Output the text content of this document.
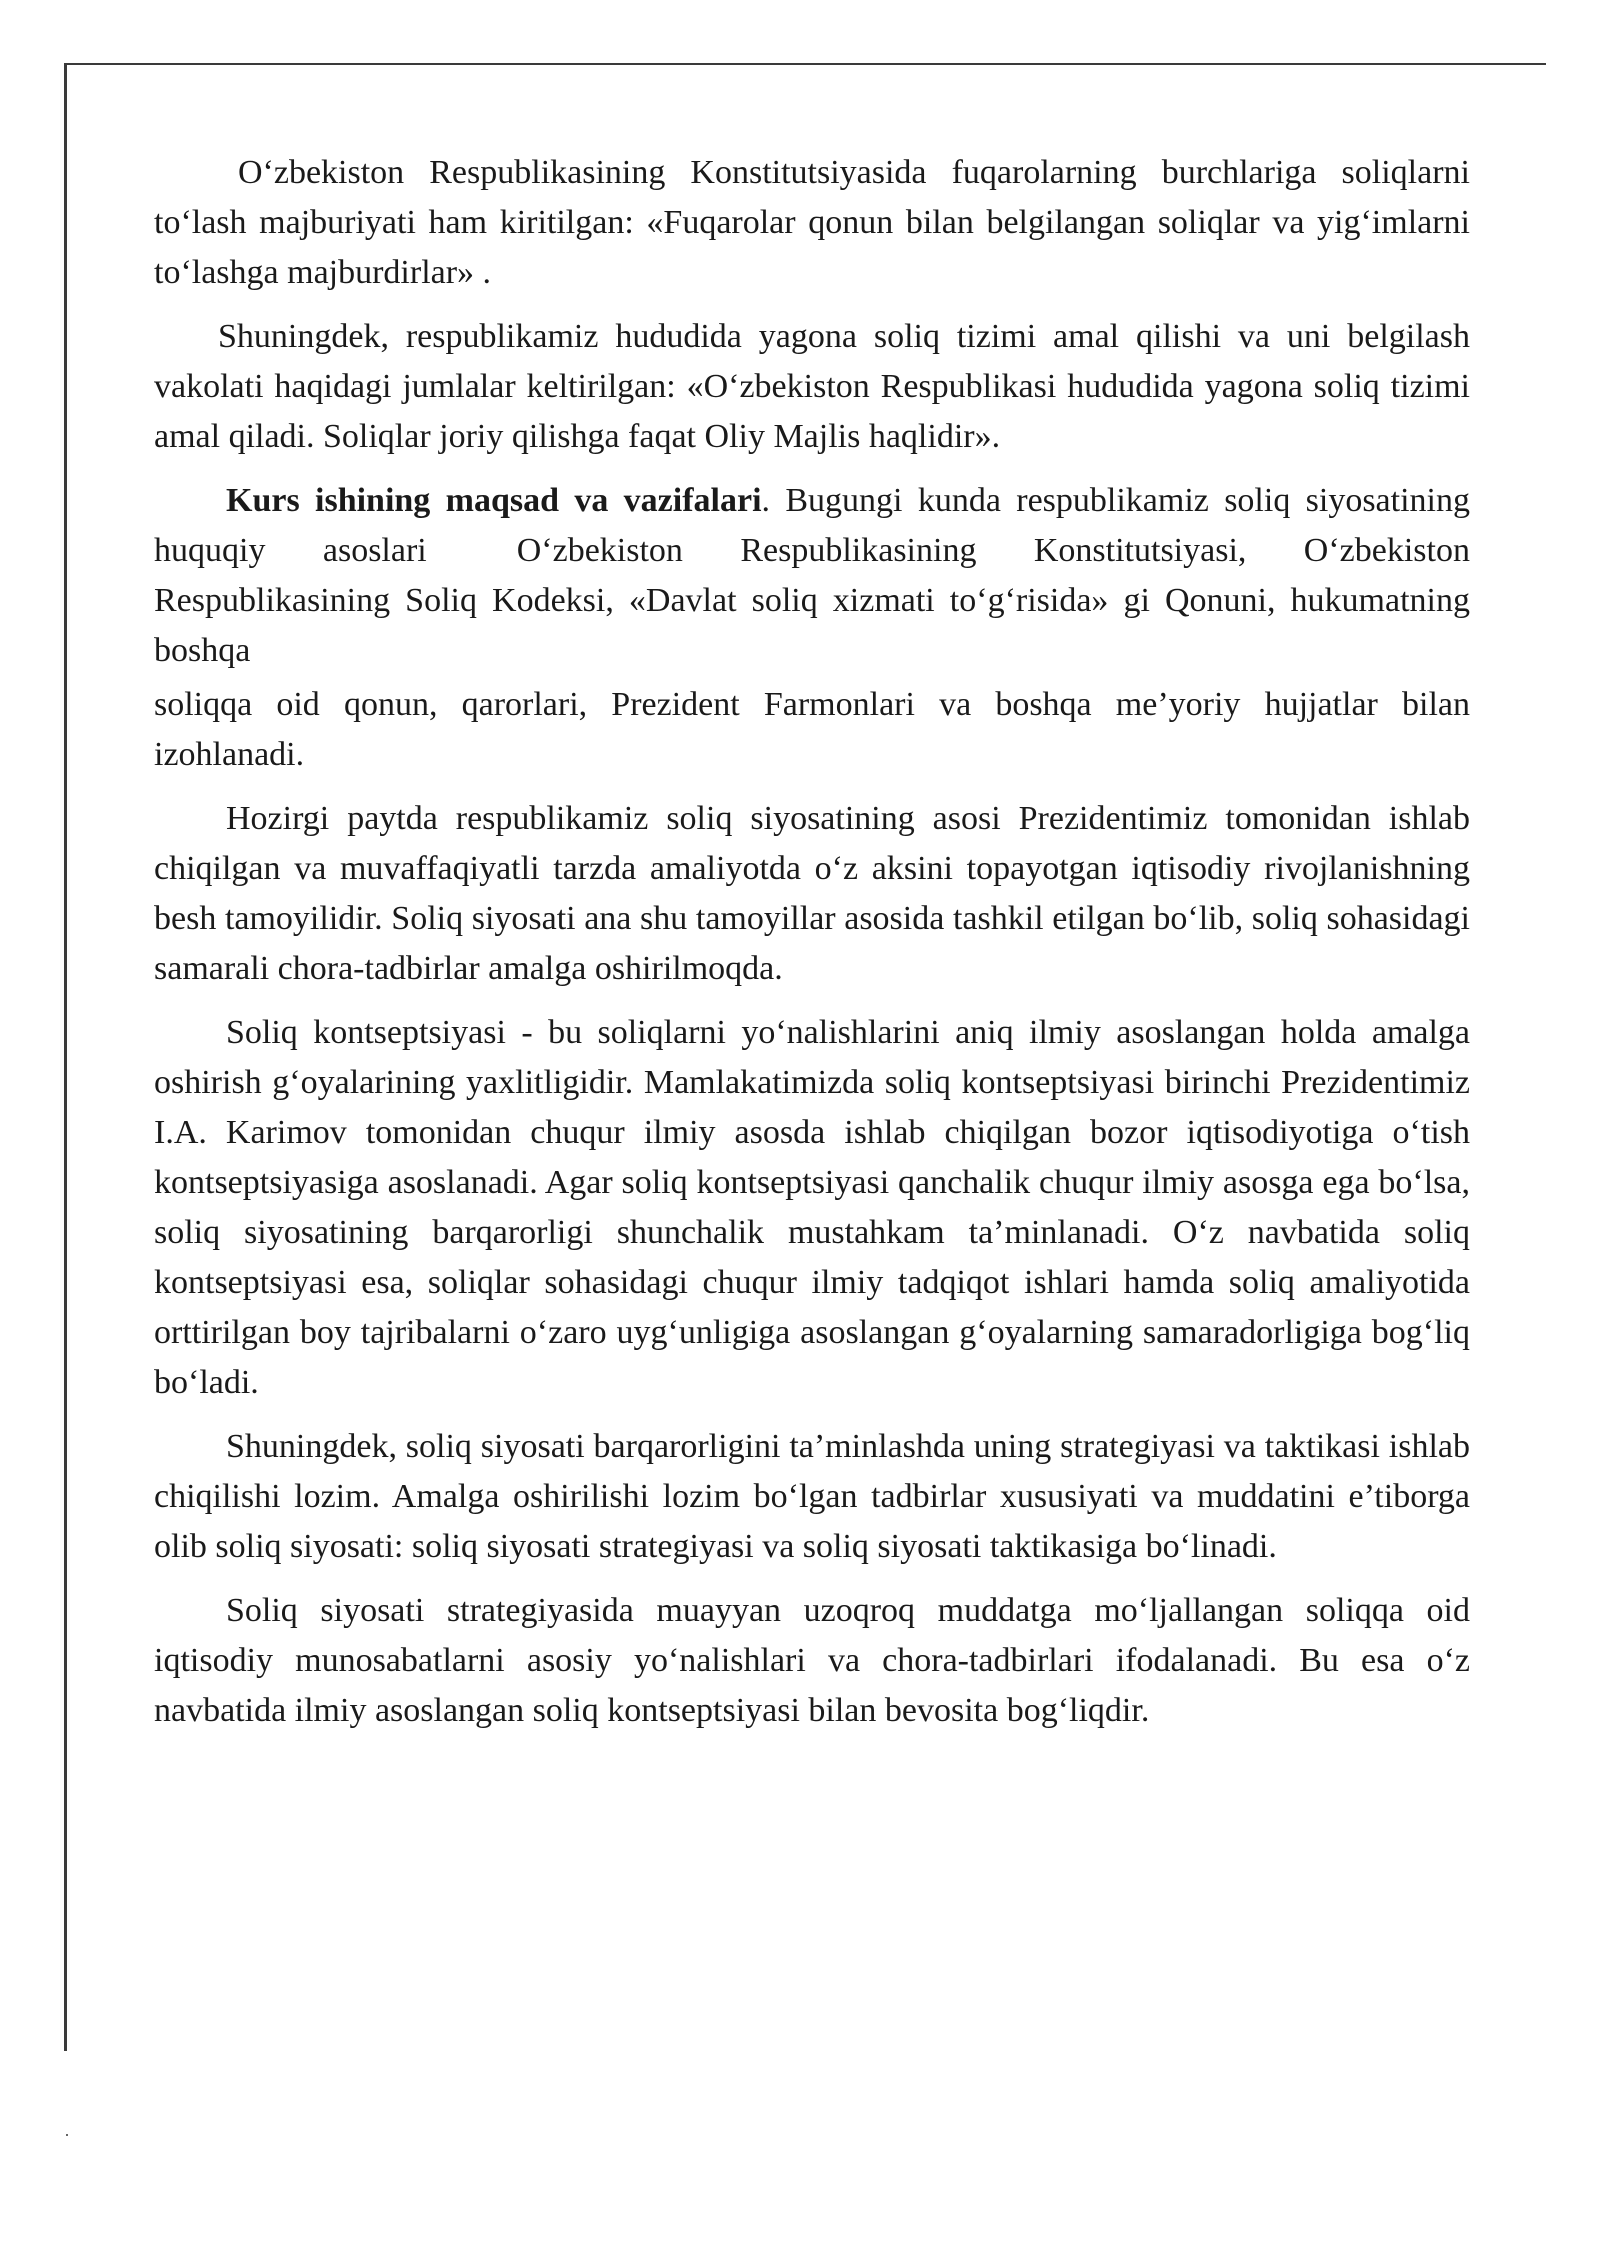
O‘zbekiston Respublikasining Konstitutsiyasida fuqarolarning burchlariga soliqlarni to‘lash majburiyati ham kiritilgan: «Fuqarolar qonun bilan belgilangan soliqlar va yig‘imlarni to‘lashga majburdirlar» .

Shuningdek, respublikamiz hududida yagona soliq tizimi amal qilishi va uni belgilash vakolati haqidagi jumlalar keltirilgan: «O‘zbekiston Respublikasi hududida yagona soliq tizimi amal qiladi. Soliqlar joriy qilishga faqat Oliy Majlis haqlidir».

Kurs ishining maqsad va vazifalari. Bugungi kunda respublikamiz soliq siyosatining huquqiy asoslari	O‘zbekiston Respublikasining Konstitutsiyasi, O‘zbekiston Respublikasining Soliq Kodeksi, «Davlat soliq xizmati to‘g‘risida» gi Qonuni, hukumatning boshqa

soliqqa oid qonun, qarorlari, Prezident Farmonlari va boshqa me’yoriy hujjatlar bilan izohlanadi.

Hozirgi paytda respublikamiz soliq siyosatining asosi Prezidentimiz tomonidan ishlab chiqilgan va muvaffaqiyatli tarzda amaliyotda o‘z aksini topayotgan iqtisodiy rivojlanishning besh tamoyilidir. Soliq siyosati ana shu tamoyillar asosida tashkil etilgan bo‘lib, soliq sohasidagi samarali chora-tadbirlar amalga oshirilmoqda.

Soliq kontseptsiyasi - bu soliqlarni yo‘nalishlarini aniq ilmiy asoslangan holda amalga oshirish g‘oyalarining yaxlitligidir. Mamlakatimizda soliq kontseptsiyasi birinchi Prezidentimiz I.A. Karimov tomonidan chuqur ilmiy asosda ishlab chiqilgan bozor iqtisodiyotiga o‘tish kontseptsiyasiga asoslanadi. Agar soliq kontseptsiyasi qanchalik chuqur ilmiy asosga ega bo‘lsa, soliq siyosatining barqarorligi shunchalik mustahkam ta’minlanadi. O‘z navbatida soliq kontseptsiyasi esa, soliqlar sohasidagi chuqur ilmiy tadqiqot ishlari hamda soliq amaliyotida orttirilgan boy tajribalarni o‘zaro uyg‘unligiga asoslangan g‘oyalarning samaradorligiga bog‘liq bo‘ladi.

Shuningdek, soliq siyosati barqarorligini ta’minlashda uning strategiyasi va taktikasi ishlab chiqilishi lozim. Amalga oshirilishi lozim bo‘lgan tadbirlar xususiyati va muddatini e’tiborga olib soliq siyosati: soliq siyosati strategiyasi va soliq siyosati taktikasiga bo‘linadi.

Soliq siyosati strategiyasida muayyan uzoqroq muddatga mo‘ljallangan soliqqa oid iqtisodiy munosabatlarni asosiy yo‘nalishlari va chora-tadbirlari ifodalanadi. Bu esa o‘z navbatida ilmiy asoslangan soliq kontseptsiyasi bilan bevosita bog‘liqdir.
